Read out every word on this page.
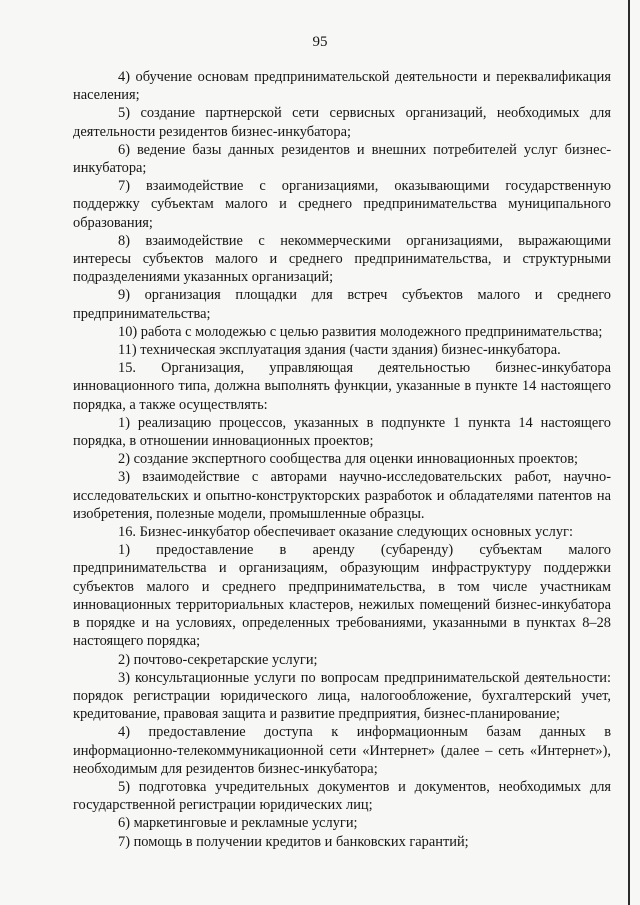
95

4) обучение основам предпринимательской деятельности и переквалификация населения;

5) создание партнерской сети сервисных организаций, необходимых для деятельности резидентов бизнес-инкубатора;

6) ведение базы данных резидентов и внешних потребителей услуг бизнес-инкубатора;

7) взаимодействие с организациями, оказывающими государственную поддержку субъектам малого и среднего предпринимательства муниципального образования;

8) взаимодействие с некоммерческими организациями, выражающими интересы субъектов малого и среднего предпринимательства, и структурными подразделениями указанных организаций;

9) организация площадки для встреч субъектов малого и среднего предпринимательства;

10) работа с молодежью с целью развития молодежного предпринимательства;

11) техническая эксплуатация здания (части здания) бизнес-инкубатора.

15. Организация, управляющая деятельностью бизнес-инкубатора инновационного типа, должна выполнять функции, указанные в пункте 14 настоящего порядка, а также осуществлять:

1) реализацию процессов, указанных в подпункте 1 пункта 14 настоящего порядка, в отношении инновационных проектов;

2) создание экспертного сообщества для оценки инновационных проектов;

3) взаимодействие с авторами научно-исследовательских работ, научно-исследовательских и опытно-конструкторских разработок и обладателями патентов на изобретения, полезные модели, промышленные образцы.

16. Бизнес-инкубатор обеспечивает оказание следующих основных услуг:

1) предоставление в аренду (субаренду) субъектам малого предпринимательства и организациям, образующим инфраструктуру поддержки субъектов малого и среднего предпринимательства, в том числе участникам инновационных территориальных кластеров, нежилых помещений бизнес-инкубатора в порядке и на условиях, определенных требованиями, указанными в пунктах 8–28 настоящего порядка;

2) почтово-секретарские услуги;

3) консультационные услуги по вопросам предпринимательской деятельности: порядок регистрации юридического лица, налогообложение, бухгалтерский учет, кредитование, правовая защита и развитие предприятия, бизнес-планирование;

4) предоставление доступа к информационным базам данных в информационно-телекоммуникационной сети «Интернет» (далее – сеть «Интернет»), необходимым для резидентов бизнес-инкубатора;

5) подготовка учредительных документов и документов, необходимых для государственной регистрации юридических лиц;

6) маркетинговые и рекламные услуги;

7) помощь в получении кредитов и банковских гарантий;
